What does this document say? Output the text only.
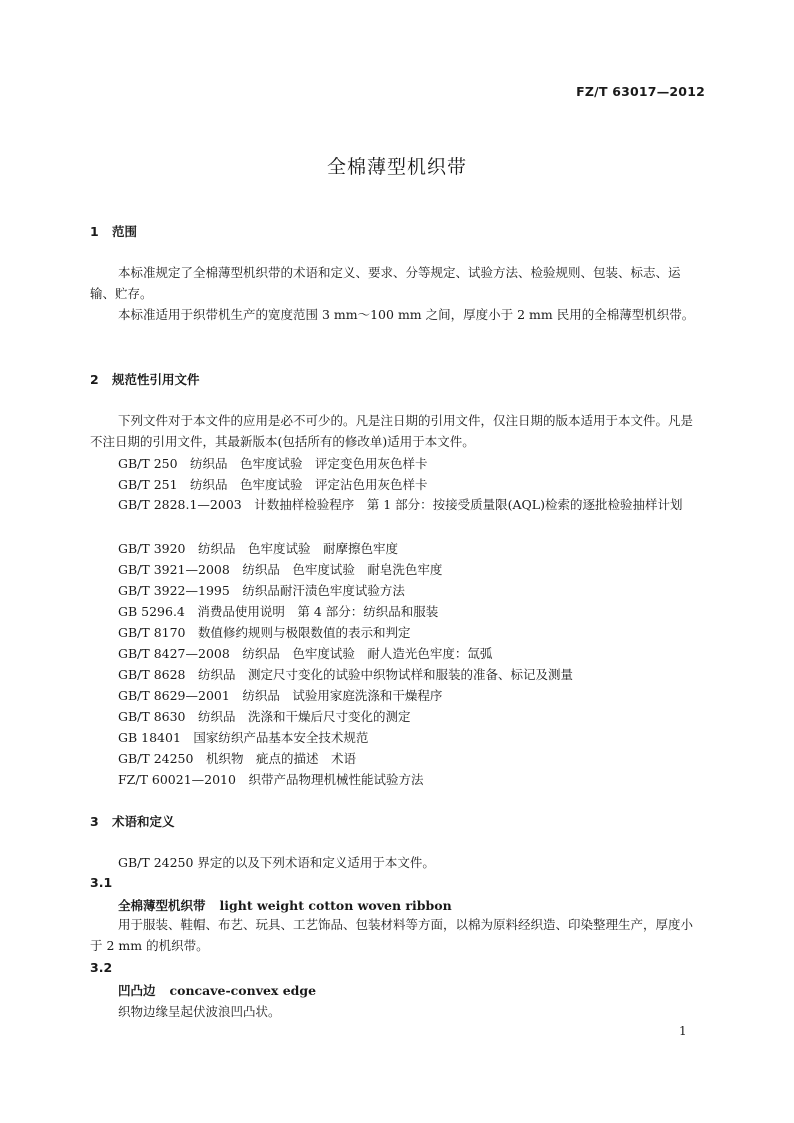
FZ/T 63017—2012
全棉薄型机织带
1 范围
本标准规定了全棉薄型机织带的术语和定义、要求、分等规定、试验方法、检验规则、包装、标志、运输、贮存。
本标准适用于织带机生产的宽度范围 3 mm～100 mm 之间，厚度小于 2 mm 民用的全棉薄型机织带。
2 规范性引用文件
下列文件对于本文件的应用是必不可少的。凡是注日期的引用文件，仅注日期的版本适用于本文件。凡是不注日期的引用文件，其最新版本(包括所有的修改单)适用于本文件。
GB/T 250　纺织品　色牢度试验　评定变色用灰色样卡
GB/T 251　纺织品　色牢度试验　评定沾色用灰色样卡
GB/T 2828.1—2003　计数抽样检验程序　第 1 部分：按接受质量限(AQL)检索的逐批检验抽样计划
GB/T 3920　纺织品　色牢度试验　耐摩擦色牢度
GB/T 3921—2008　纺织品　色牢度试验　耐皂洗色牢度
GB/T 3922—1995　纺织品耐汗渍色牢度试验方法
GB 5296.4　消费品使用说明　第 4 部分：纺织品和服装
GB/T 8170　数值修约规则与极限数值的表示和判定
GB/T 8427—2008　纺织品　色牢度试验　耐人造光色牢度：氙弧
GB/T 8628　纺织品　测定尺寸变化的试验中织物试样和服装的准备、标记及测量
GB/T 8629—2001　纺织品　试验用家庭洗涤和干燥程序
GB/T 8630　纺织品　洗涤和干燥后尺寸变化的测定
GB 18401　国家纺织产品基本安全技术规范
GB/T 24250　机织物　疵点的描述　术语
FZ/T 60021—2010　织带产品物理机械性能试验方法
3 术语和定义
GB/T 24250 界定的以及下列术语和定义适用于本文件。
3.1
全棉薄型机织带 light weight cotton woven ribbon
用于服装、鞋帽、布艺、玩具、工艺饰品、包装材料等方面，以棉为原料经织造、印染整理生产，厚度小于 2 mm 的机织带。
3.2
凹凸边 concave-convex edge
织物边缘呈起伏波浪凹凸状。
1
